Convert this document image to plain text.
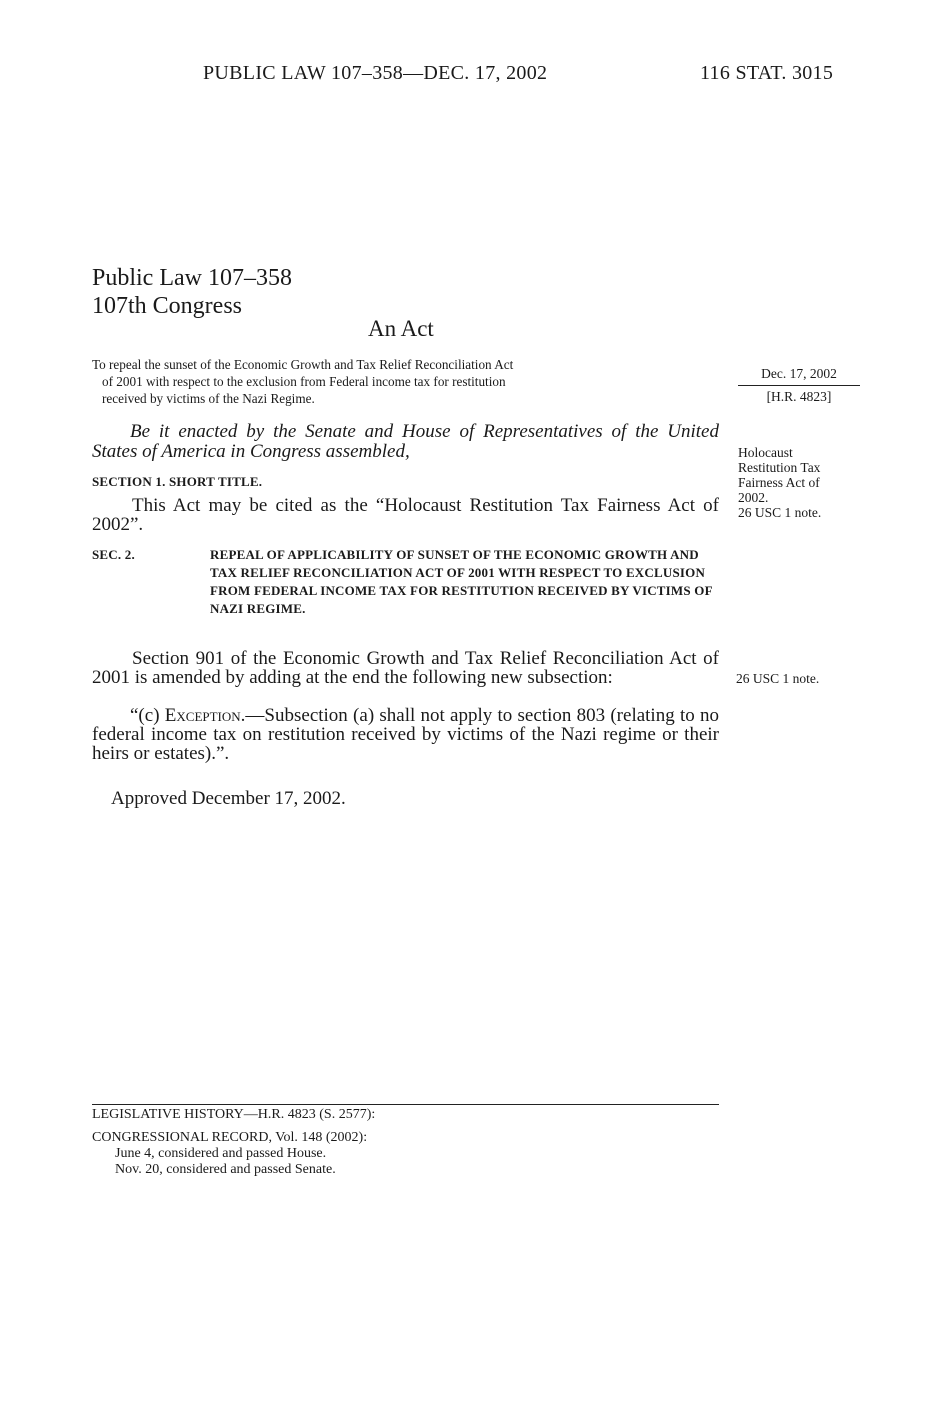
PUBLIC LAW 107–358—DEC. 17, 2002	116 STAT. 3015
Public Law 107–358
107th Congress
An Act
To repeal the sunset of the Economic Growth and Tax Relief Reconciliation Act
of 2001 with respect to the exclusion from Federal income tax for restitution
received by victims of the Nazi Regime.
Dec. 17, 2002
[H.R. 4823]
Be it enacted by the Senate and House of Representatives of the United States of America in Congress assembled,
SECTION 1. SHORT TITLE.
This Act may be cited as the “Holocaust Restitution Tax Fairness Act of 2002”.
Holocaust
Restitution Tax
Fairness Act of
2002.
26 USC 1 note.
SEC. 2.	REPEAL OF APPLICABILITY OF SUNSET OF THE ECONOMIC GROWTH AND TAX RELIEF RECONCILIATION ACT OF 2001 WITH RESPECT TO EXCLUSION FROM FEDERAL INCOME TAX FOR RESTITUTION RECEIVED BY VICTIMS OF NAZI REGIME.
Section 901 of the Economic Growth and Tax Relief Reconciliation Act of 2001 is amended by adding at the end the following new subsection:	26 USC 1 note.
“(c) Exception.—Subsection (a) shall not apply to section 803 (relating to no federal income tax on restitution received by victims of the Nazi regime or their heirs or estates).”.
Approved December 17, 2002.
LEGISLATIVE HISTORY—H.R. 4823 (S. 2577):
CONGRESSIONAL RECORD, Vol. 148 (2002):
June 4, considered and passed House.
Nov. 20, considered and passed Senate.
